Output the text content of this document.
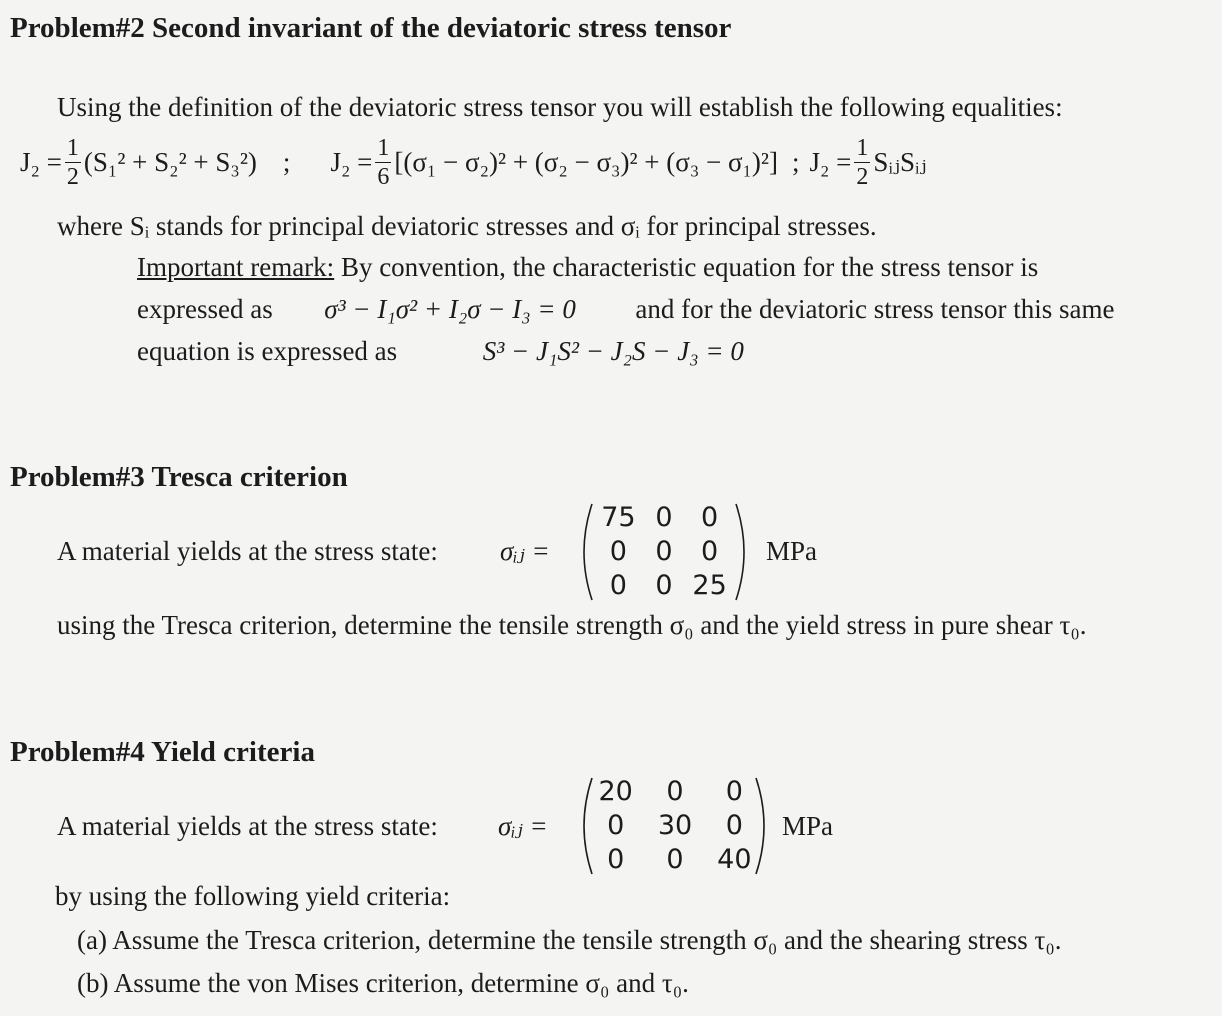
Problem#2 Second invariant of the deviatoric stress tensor
Using the definition of the deviatoric stress tensor you will establish the following equalities:
$J_2 = \frac{1}{2} (S_1^2 + S_2^2 + S_3^2)$ ; $J_2 = \frac{1}{6} [(\sigma_1 - \sigma_2)^2 + (\sigma_2 - \sigma_3)^2 + (\sigma_3 - \sigma_1)^2]$ ; $J_2 = \frac{1}{2}$ SᵢⱼSᵢⱼ
where Sᵢ stands for principal deviatoric stresses and σᵢ for principal stresses.
Important remark: By convention, the characteristic equation for the stress tensor is
expressed as σ³ − I₁σ² + I₂σ − I₃ = 0 and for the deviatoric stress tensor this same
equation is expressed as	S³ − J₁S² − J₂S − J₃ = 0
Problem#3 Tresca criterion
A material yields at the stress state: σᵢⱼ =
75	0	0
0	0	0
0	0	25
MPa
using the Tresca criterion, determine the tensile strength σ₀ and the yield stress in pure shear τ₀.
Problem#4 Yield criteria
A material yields at the stress state: σᵢⱼ =
20	0	0
0	30	0
0	0	40
MPa
by using the following yield criteria:
(a) Assume the Tresca criterion, determine the tensile strength σ₀ and the shearing stress τ₀.
(b) Assume the von Mises criterion, determine σ₀ and τ₀.
